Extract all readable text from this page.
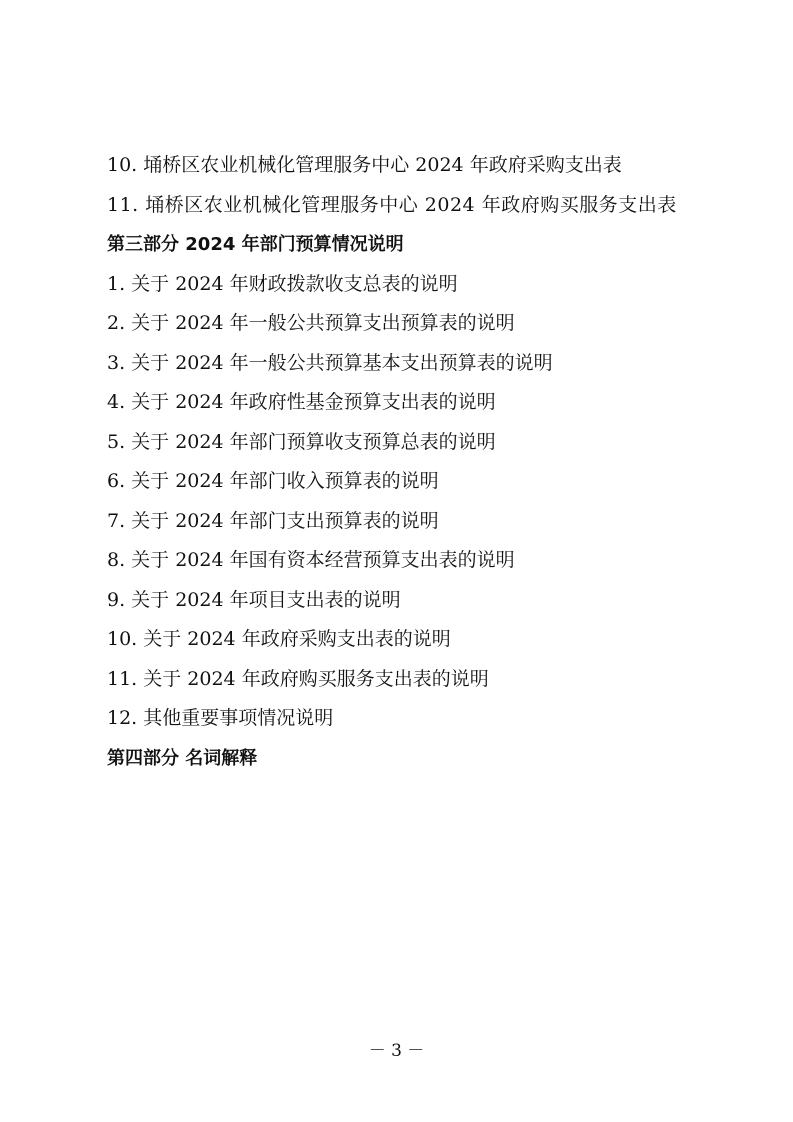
10. 埇桥区农业机械化管理服务中心 2024 年政府采购支出表
11. 埇桥区农业机械化管理服务中心 2024 年政府购买服务支出表
第三部分 2024 年部门预算情况说明
1. 关于 2024 年财政拨款收支总表的说明
2. 关于 2024 年一般公共预算支出预算表的说明
3. 关于 2024 年一般公共预算基本支出预算表的说明
4. 关于 2024 年政府性基金预算支出表的说明
5. 关于 2024 年部门预算收支预算总表的说明
6. 关于 2024 年部门收入预算表的说明
7. 关于 2024 年部门支出预算表的说明
8. 关于 2024 年国有资本经营预算支出表的说明
9. 关于 2024 年项目支出表的说明
10. 关于 2024 年政府采购支出表的说明
11. 关于 2024 年政府购买服务支出表的说明
12. 其他重要事项情况说明
第四部分 名词解释
－ 3 －
